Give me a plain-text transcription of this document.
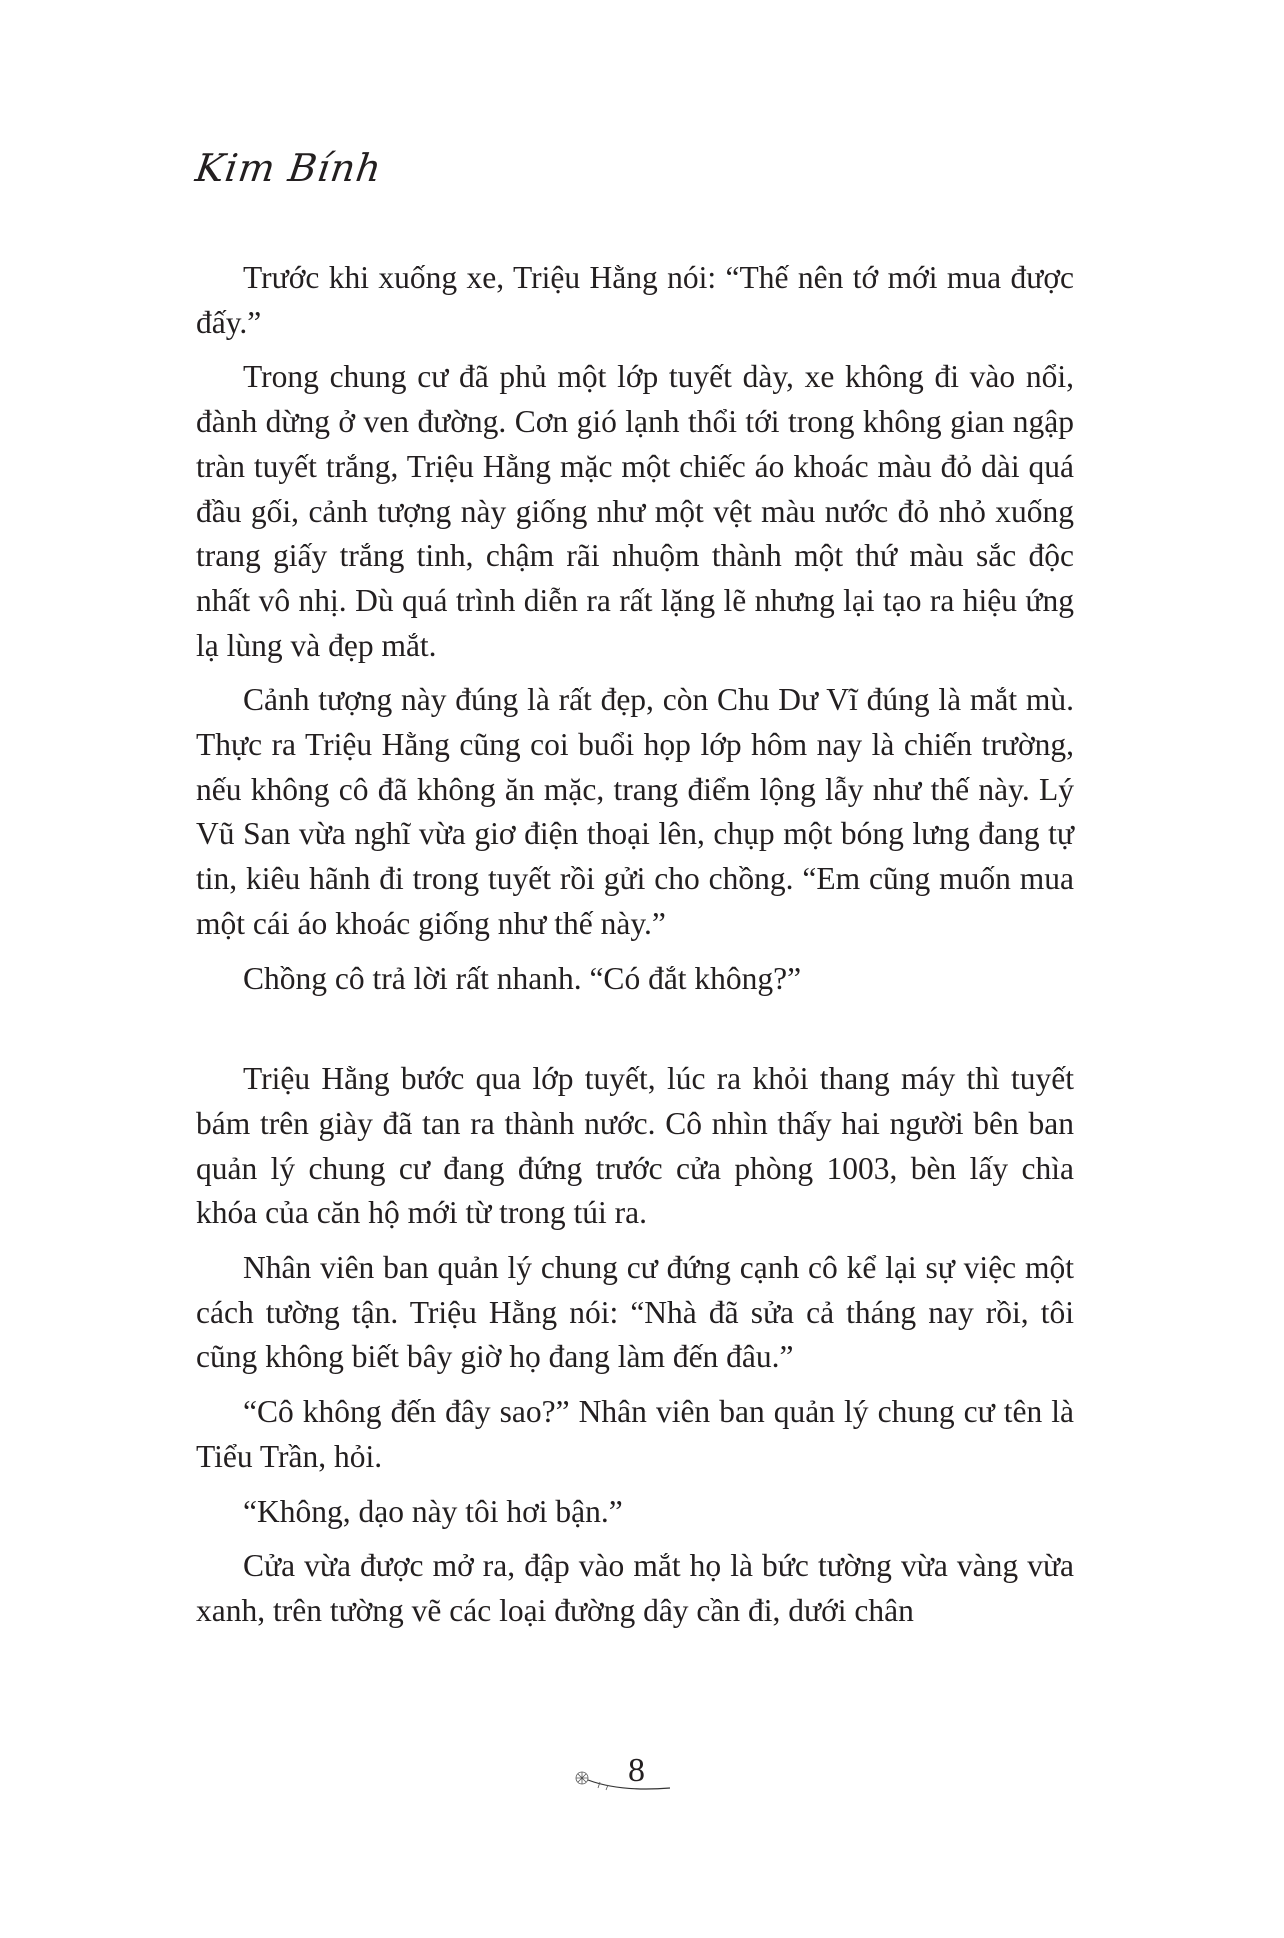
Kim Bính

Trước khi xuống xe, Triệu Hằng nói: “Thế nên tớ mới mua được đấy.”

Trong chung cư đã phủ một lớp tuyết dày, xe không đi vào nổi, đành dừng ở ven đường. Cơn gió lạnh thổi tới trong không gian ngập tràn tuyết trắng, Triệu Hằng mặc một chiếc áo khoác màu đỏ dài quá đầu gối, cảnh tượng này giống như một vệt màu nước đỏ nhỏ xuống trang giấy trắng tinh, chậm rãi nhuộm thành một thứ màu sắc độc nhất vô nhị. Dù quá trình diễn ra rất lặng lẽ nhưng lại tạo ra hiệu ứng lạ lùng và đẹp mắt.

Cảnh tượng này đúng là rất đẹp, còn Chu Dư Vĩ đúng là mắt mù. Thực ra Triệu Hằng cũng coi buổi họp lớp hôm nay là chiến trường, nếu không cô đã không ăn mặc, trang điểm lộng lẫy như thế này. Lý Vũ San vừa nghĩ vừa giơ điện thoại lên, chụp một bóng lưng đang tự tin, kiêu hãnh đi trong tuyết rồi gửi cho chồng. “Em cũng muốn mua một cái áo khoác giống như thế này.”

Chồng cô trả lời rất nhanh. “Có đắt không?”

Triệu Hằng bước qua lớp tuyết, lúc ra khỏi thang máy thì tuyết bám trên giày đã tan ra thành nước. Cô nhìn thấy hai người bên ban quản lý chung cư đang đứng trước cửa phòng 1003, bèn lấy chìa khóa của căn hộ mới từ trong túi ra.

Nhân viên ban quản lý chung cư đứng cạnh cô kể lại sự việc một cách tường tận. Triệu Hằng nói: “Nhà đã sửa cả tháng nay rồi, tôi cũng không biết bây giờ họ đang làm đến đâu.”

“Cô không đến đây sao?” Nhân viên ban quản lý chung cư tên là Tiểu Trần, hỏi.

“Không, dạo này tôi hơi bận.”

Cửa vừa được mở ra, đập vào mắt họ là bức tường vừa vàng vừa xanh, trên tường vẽ các loại đường dây cần đi, dưới chân

8
